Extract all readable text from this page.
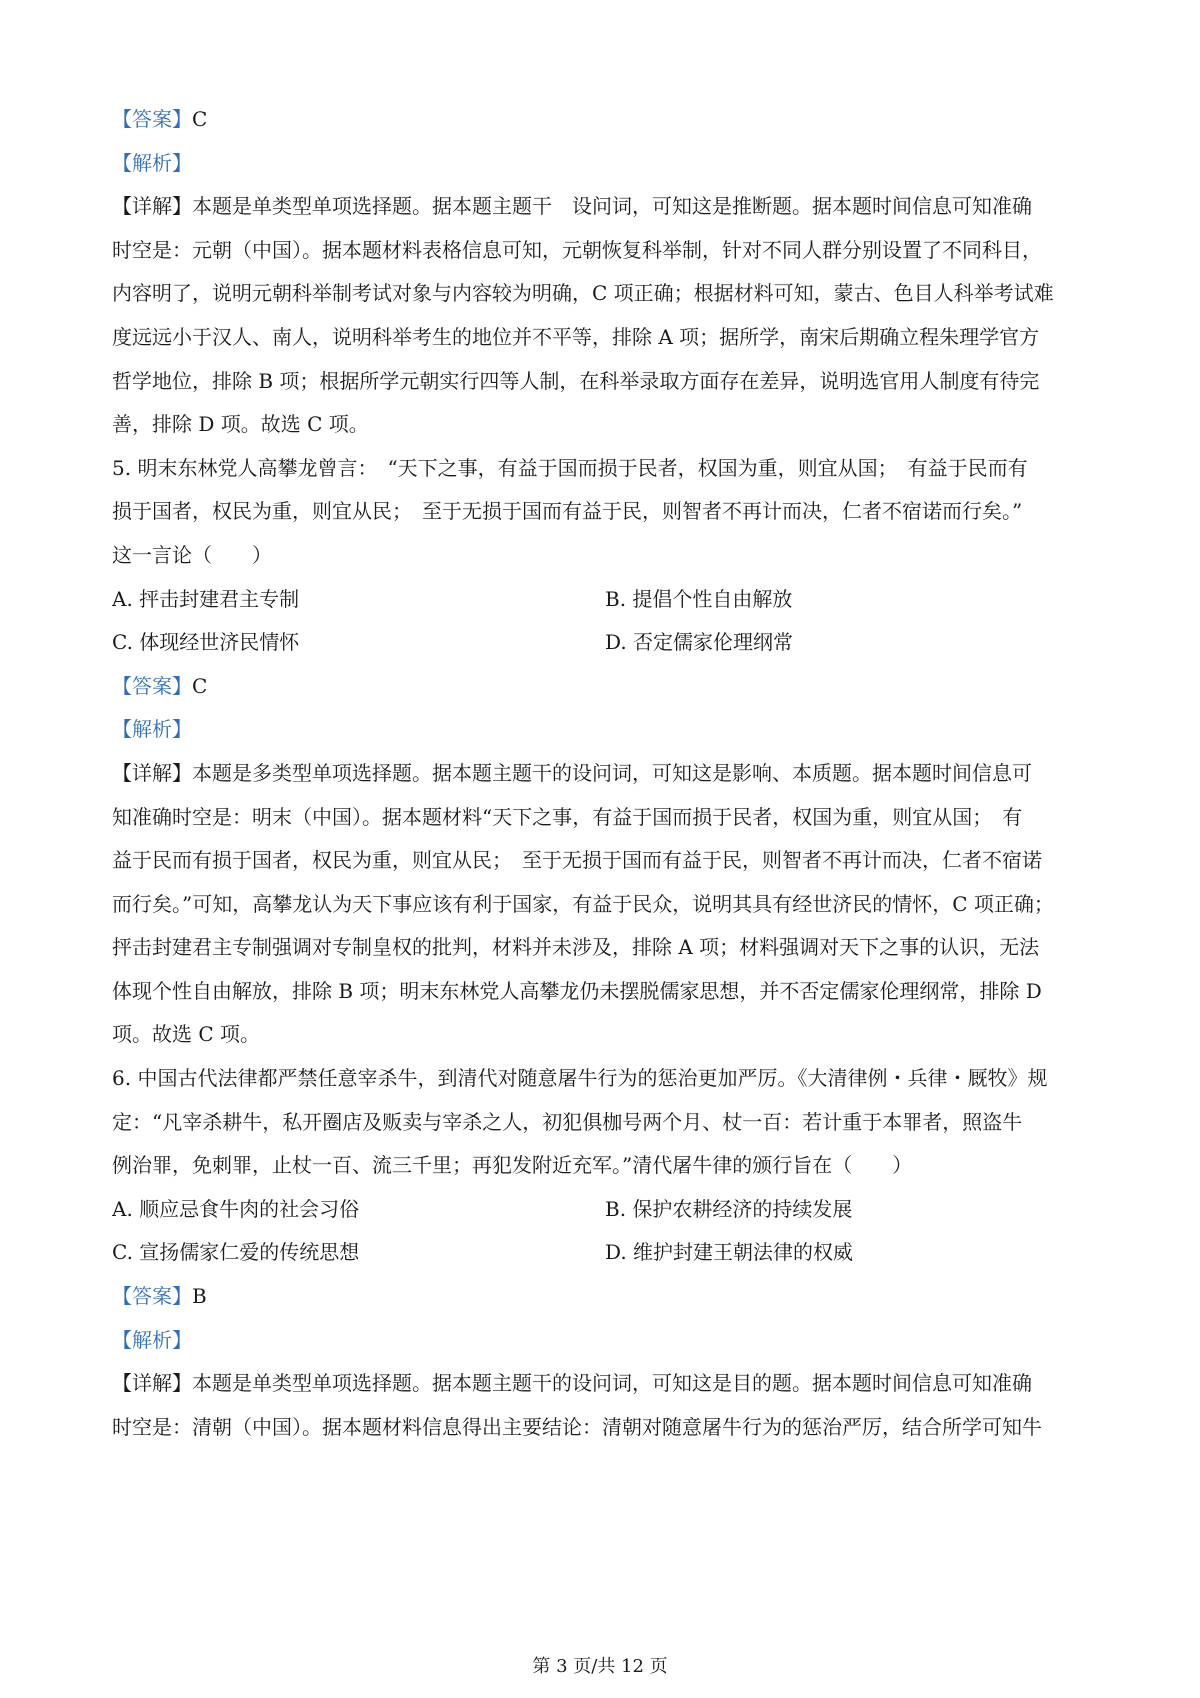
【答案】C
【解析】
【详解】本题是单类型单项选择题。据本题主题干　设问词，可知这是推断题。据本题时间信息可知准确
时空是：元朝（中国）。据本题材料表格信息可知，元朝恢复科举制，针对不同人群分别设置了不同科目，
内容明了，说明元朝科举制考试对象与内容较为明确，C 项正确；根据材料可知，蒙古、色目人科举考试难
度远远小于汉人、南人，说明科举考生的地位并不平等，排除 A 项；据所学，南宋后期确立程朱理学官方
哲学地位，排除 B 项；根据所学元朝实行四等人制，在科举录取方面存在差异，说明选官用人制度有待完
善，排除 D 项。故选 C 项。
5. 明末东林党人高攀龙曾言：　“天下之事，有益于国而损于民者，权国为重，则宜从国；　有益于民而有
损于国者，权民为重，则宜从民；　至于无损于国而有益于民，则智者不再计而决，仁者不宿诺而行矣。”
这一言论（　　）
A. 抨击封建君主专制	B. 提倡个性自由解放
C. 体现经世济民情怀	D. 否定儒家伦理纲常
【答案】C
【解析】
【详解】本题是多类型单项选择题。据本题主题干的设问词，可知这是影响、本质题。据本题时间信息可
知准确时空是：明末（中国）。据本题材料“天下之事，有益于国而损于民者，权国为重，则宜从国；　有
益于民而有损于国者，权民为重，则宜从民；　至于无损于国而有益于民，则智者不再计而决，仁者不宿诺
而行矣。”可知，高攀龙认为天下事应该有利于国家，有益于民众，说明其具有经世济民的情怀，C 项正确；
抨击封建君主专制强调对专制皇权的批判，材料并未涉及，排除 A 项；材料强调对天下之事的认识，无法
体现个性自由解放，排除 B 项；明末东林党人高攀龙仍未摆脱儒家思想，并不否定儒家伦理纲常，排除 D
项。故选 C 项。
6. 中国古代法律都严禁任意宰杀牛，到清代对随意屠牛行为的惩治更加严厉。《大清律例・兵律・厩牧》规
定：“凡宰杀耕牛，私开圈店及贩卖与宰杀之人，初犯俱枷号两个月、杖一百：若计重于本罪者，照盗牛
例治罪，免刺罪，止杖一百、流三千里；再犯发附近充军。”清代屠牛律的颁行旨在（　　）
A. 顺应忌食牛肉的社会习俗	B. 保护农耕经济的持续发展
C. 宣扬儒家仁爱的传统思想	D. 维护封建王朝法律的权威
【答案】B
【解析】
【详解】本题是单类型单项选择题。据本题主题干的设问词，可知这是目的题。据本题时间信息可知准确
时空是：清朝（中国）。据本题材料信息得出主要结论：清朝对随意屠牛行为的惩治严厉，结合所学可知牛
第 3 页/共 12 页
